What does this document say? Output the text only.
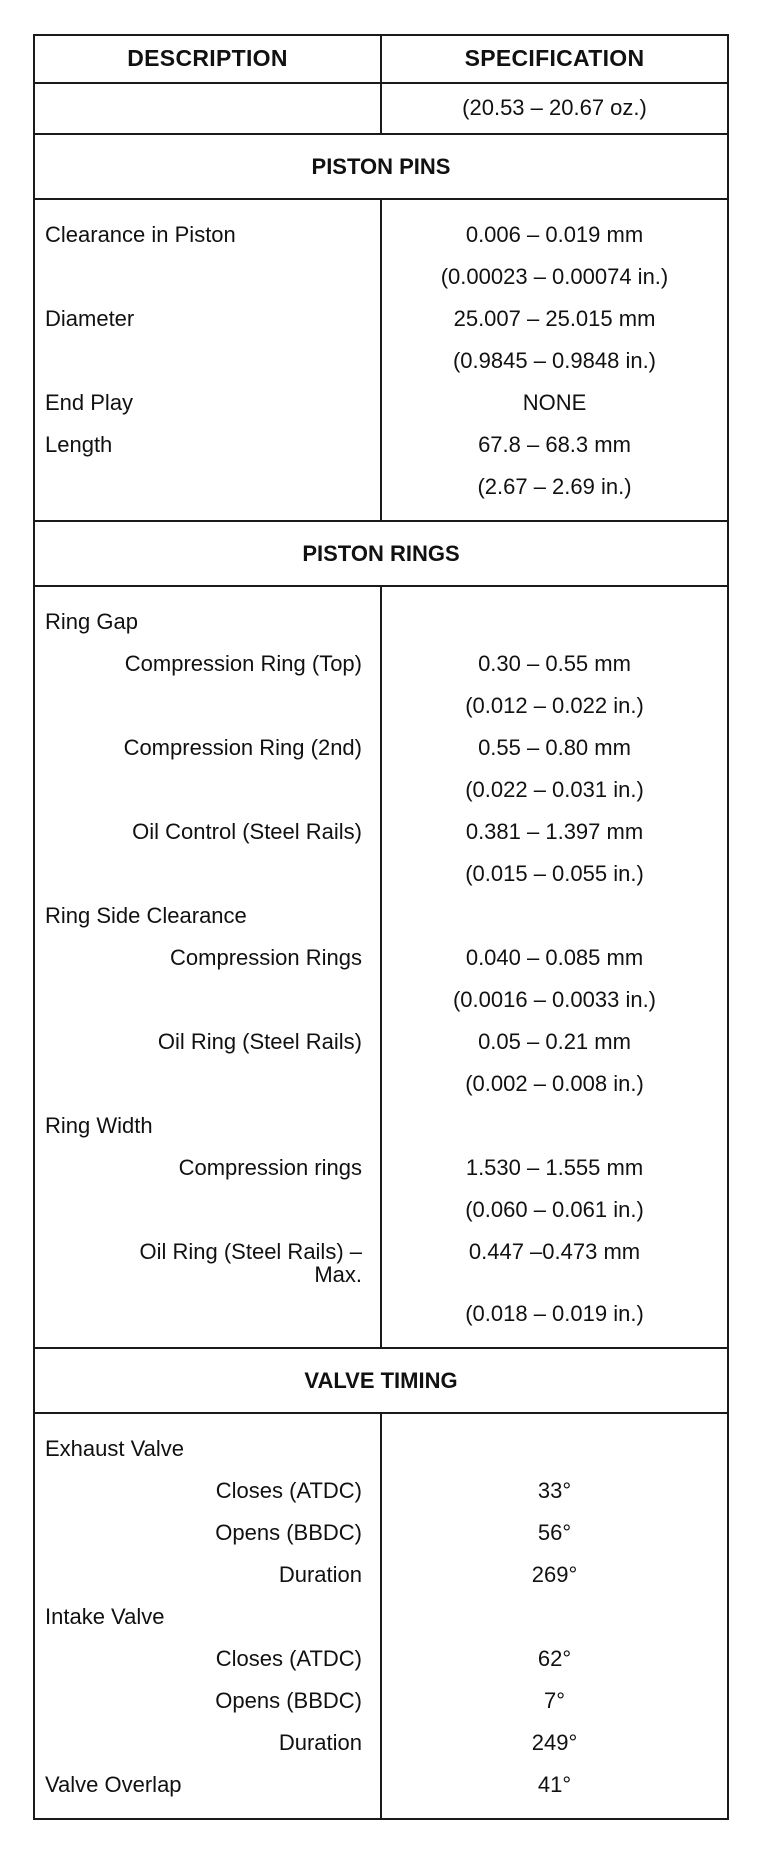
DESCRIPTION	SPECIFICATION
(20.53 – 20.67 oz.)
PISTON PINS
Clearance in Piston
Diameter
End Play
Length
0.006 – 0.019 mm
(0.00023 – 0.00074 in.)
25.007 – 25.015 mm
(0.9845 – 0.9848 in.)
NONE
67.8 – 68.3 mm
(2.67 – 2.69 in.)
PISTON RINGS
Ring Gap
Compression Ring (Top)
Compression Ring (2nd)
Oil Control (Steel Rails)
Ring Side Clearance
Compression Rings
Oil Ring (Steel Rails)
Ring Width
Compression rings
Oil Ring (Steel Rails) –
Max.
0.30 – 0.55 mm
(0.012 – 0.022 in.)
0.55 – 0.80 mm
(0.022 – 0.031 in.)
0.381 – 1.397 mm
(0.015 – 0.055 in.)
0.040 – 0.085 mm
(0.0016 – 0.0033 in.)
0.05 – 0.21 mm
(0.002 – 0.008 in.)
1.530 – 1.555 mm
(0.060 – 0.061 in.)
0.447 –0.473 mm
(0.018 – 0.019 in.)
VALVE TIMING
Exhaust Valve
Closes (ATDC)
Opens (BBDC)
Duration
Intake Valve
Closes (ATDC)
Opens (BBDC)
Duration
Valve Overlap
33°
56°
269°
62°
7°
249°
41°
